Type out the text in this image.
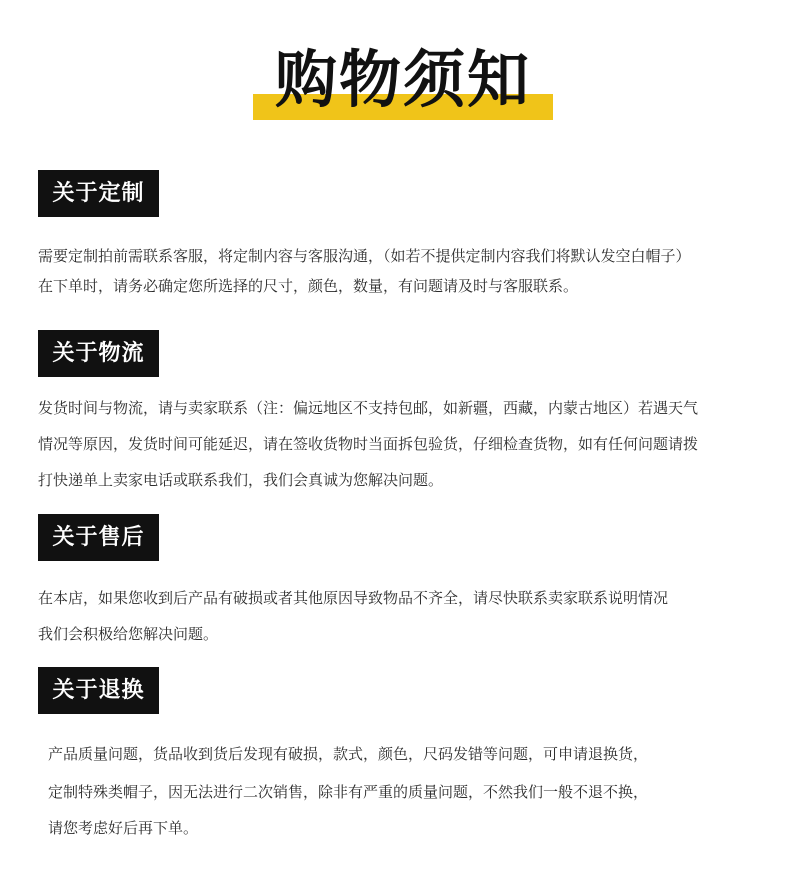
购物须知
关于定制
需要定制拍前需联系客服，将定制内容与客服沟通，（如若不提供定制内容我们将默认发空白帽子）
在下单时，请务必确定您所选择的尺寸，颜色，数量，有问题请及时与客服联系。
关于物流
发货时间与物流，请与卖家联系（注：偏远地区不支持包邮，如新疆，西藏，内蒙古地区）若遇天气
情况等原因，发货时间可能延迟，请在签收货物时当面拆包验货，仔细检查货物，如有任何问题请拨
打快递单上卖家电话或联系我们，我们会真诚为您解决问题。
关于售后
在本店，如果您收到后产品有破损或者其他原因导致物品不齐全，请尽快联系卖家联系说明情况
我们会积极给您解决问题。
关于退换
产品质量问题，货品收到货后发现有破损，款式，颜色，尺码发错等问题，可申请退换货，
定制特殊类帽子，因无法进行二次销售，除非有严重的质量问题，不然我们一般不退不换，
请您考虑好后再下单。
